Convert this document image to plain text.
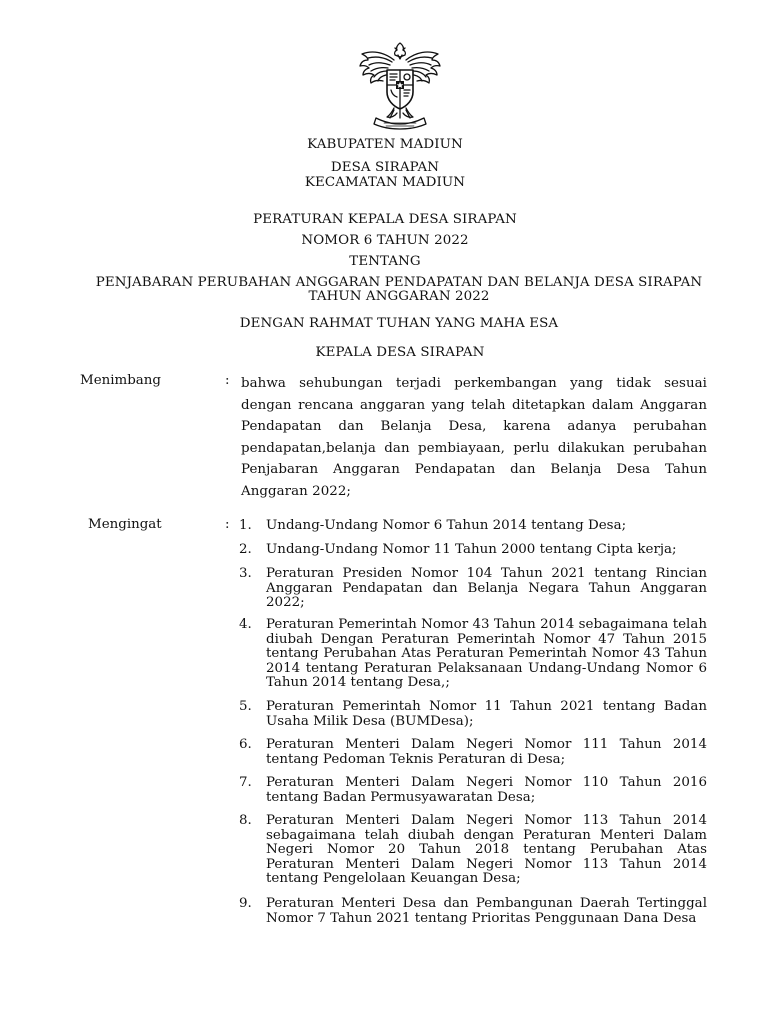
KABUPATEN MADIUN
DESA SIRAPAN
KECAMATAN MADIUN
PERATURAN KEPALA DESA SIRAPAN
NOMOR 6 TAHUN 2022
TENTANG
PENJABARAN PERUBAHAN ANGGARAN PENDAPATAN DAN BELANJA DESA SIRAPAN
TAHUN ANGGARAN 2022
DENGAN RAHMAT TUHAN YANG MAHA ESA
KEPALA DESA SIRAPAN
Menimbang	: bahwa sehubungan terjadi perkembangan yang tidak sesuai dengan rencana anggaran yang telah ditetapkan dalam Anggaran Pendapatan dan Belanja Desa, karena adanya perubahan pendapatan,belanja dan pembiayaan, perlu dilakukan perubahan Penjabaran Anggaran Pendapatan dan Belanja Desa Tahun Anggaran 2022;
Mengingat	: 1.	Undang-Undang Nomor 6 Tahun 2014 tentang Desa;
2.	Undang-Undang Nomor 11 Tahun 2000 tentang Cipta kerja;
3.	Peraturan Presiden Nomor 104 Tahun 2021 tentang Rincian Anggaran Pendapatan dan Belanja Negara Tahun Anggaran 2022;
4.	Peraturan Pemerintah Nomor 43 Tahun 2014 sebagaimana telah diubah Dengan Peraturan Pemerintah Nomor 47 Tahun 2015 tentang Perubahan Atas Peraturan Pemerintah Nomor 43 Tahun 2014 tentang Peraturan Pelaksanaan Undang-Undang Nomor 6 Tahun 2014 tentang Desa,;
5.	Peraturan Pemerintah Nomor 11 Tahun 2021 tentang Badan Usaha Milik Desa (BUMDesa);
6.	Peraturan Menteri Dalam Negeri Nomor 111 Tahun 2014 tentang Pedoman Teknis Peraturan di Desa;
7.	Peraturan Menteri Dalam Negeri Nomor 110 Tahun 2016 tentang Badan Permusyawaratan Desa;
8.	Peraturan Menteri Dalam Negeri Nomor 113 Tahun 2014 sebagaimana telah diubah dengan Peraturan Menteri Dalam Negeri Nomor 20 Tahun 2018 tentang Perubahan Atas Peraturan Menteri Dalam Negeri Nomor 113 Tahun 2014 tentang Pengelolaan Keuangan Desa;
9.	Peraturan Menteri Desa dan Pembangunan Daerah Tertinggal Nomor 7 Tahun 2021 tentang Prioritas Penggunaan Dana Desa
